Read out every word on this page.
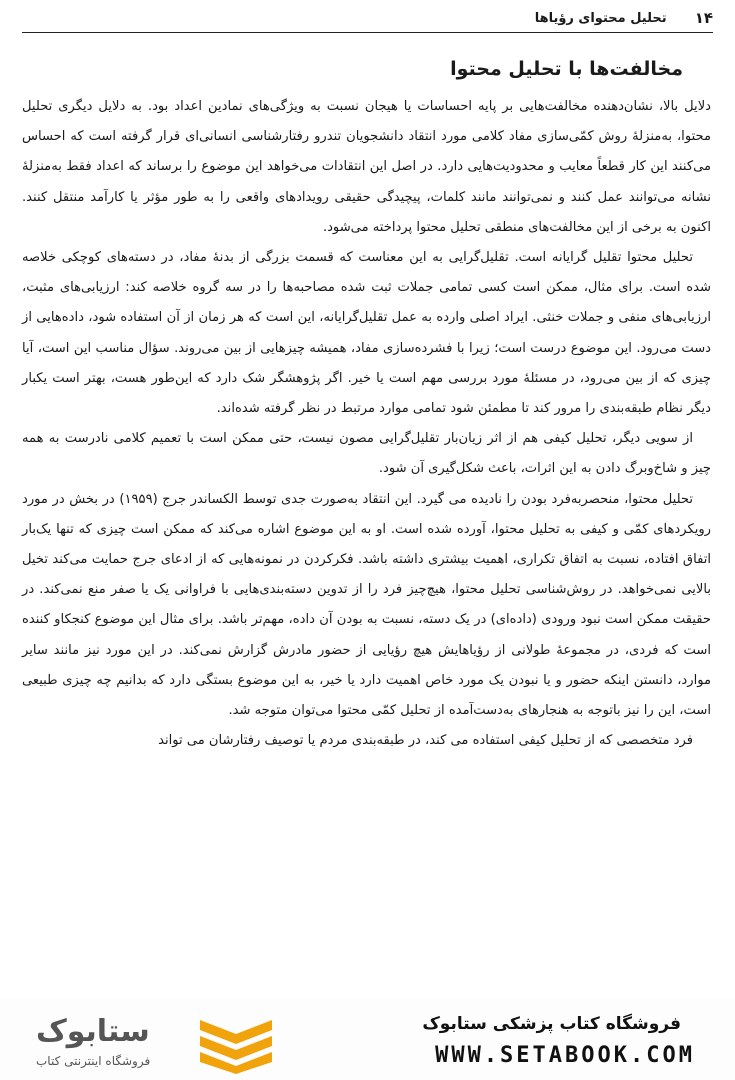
۱۴
تحلیل محتوای رؤیاها
مخالفت‌ها با تحلیل محتوا

دلایل بالا، نشان‌دهنده مخالفت‌هایی بر پایه احساسات یا هیجان نسبت به ویژگی‌های نمادین اعداد بود. به دلایل دیگری تحلیل محتوا، به‌منزلهٔ روش کمّی‌سازی مفاد کلامی مورد انتقاد دانشجویان تندرو رفتارشناسی انسانی‌ای قرار گرفته است که احساس می‌کنند این کار قطعاً معایب و محدودیت‌هایی دارد. در اصل این انتقادات می‌خواهد این موضوع را برساند که اعداد فقط به‌منزلهٔ نشانه می‌توانند عمل کنند و نمی‌توانند مانند کلمات، پیچیدگی حقیقی رویدادهای واقعی را به طور مؤثر یا کارآمد منتقل کنند. اکنون به برخی از این مخالفت‌های منطقی تحلیل محتوا پرداخته می‌شود.

تحلیل محتوا تقلیل گرایانه است. تقلیل‌گرایی به این معناست که قسمت بزرگی از بدنهٔ مفاد، در دسته‌های کوچکی خلاصه شده است. برای مثال، ممکن است کسی تمامی جملات ثبت شده مصاحبه‌ها را در سه گروه خلاصه کند: ارزیابی‌های مثبت، ارزیابی‌های منفی و جملات خنثی. ایراد اصلی وارده به عمل تقلیل‌گرایانه، این است که هر زمان از آن استفاده شود، داده‌هایی از دست می‌رود. این موضوع درست است؛ زیرا با فشرده‌سازی مفاد، همیشه چیزهایی از بین می‌روند. سؤال مناسب این است، آیا چیزی که از بین می‌رود، در مسئلهٔ مورد بررسی مهم است یا خیر. اگر پژوهشگر شک دارد که این‌طور هست، بهتر است یکبار دیگر نظام طبقه‌بندی را مرور کند تا مطمئن شود تمامی موارد مرتبط در نظر گرفته شده‌اند.

از سویی دیگر، تحلیل کیفی هم از اثر زیان‌بار تقلیل‌گرایی مصون نیست، حتی ممکن است با تعمیم کلامی نادرست به همه چیز و شاخ‌وبرگ دادن به این اثرات، باعث شکل‌گیری آن شود.

تحلیل محتوا، منحصربه‌فرد بودن را نادیده می گیرد. این انتقاد به‌صورت جدی توسط الکساندر جرج (۱۹۵۹) در بخش در مورد رویکردهای کمّی و کیفی به تحلیل محتوا، آورده شده است. او به این موضوع اشاره می‌کند که ممکن است چیزی که تنها یک‌بار اتفاق افتاده، نسبت به اتفاق تکراری، اهمیت بیشتری داشته باشد. فکرکردن در نمونه‌هایی که از ادعای جرج حمایت می‌کند تخیل بالایی نمی‌خواهد. در روش‌شناسی تحلیل محتوا، هیچ‌چیز فرد را از تدوین دسته‌بندی‌هایی با فراوانی یک یا صفر منع نمی‌کند. در حقیقت ممکن است نبود ورودی (داده‌ای) در یک دسته، نسبت به بودن آن داده، مهم‌تر باشد. برای مثال این موضوع کنجکاو کننده است که فردی، در مجموعهٔ طولانی از رؤیاهایش هیچ رؤیایی از حضور مادرش گزارش نمی‌کند. در این مورد نیز مانند سایر موارد، دانستن اینکه حضور و یا نبودن یک مورد خاص اهمیت دارد یا خیر، به این موضوع بستگی دارد که بدانیم چه چیزی طبیعی است، این را نیز باتوجه به هنجارهای به‌دست‌آمده از تحلیل کمّی محتوا می‌توان متوجه شد.

فرد متخصصی که از تحلیل کیفی استفاده می کند، در طبقه‌بندی مردم یا توصیف رفتارشان می تواند

فروشگاه کتاب پزشکی ستابوک
WWW.SETABOOK.COM
ستابوک
فروشگاه اینترنتی کتاب
